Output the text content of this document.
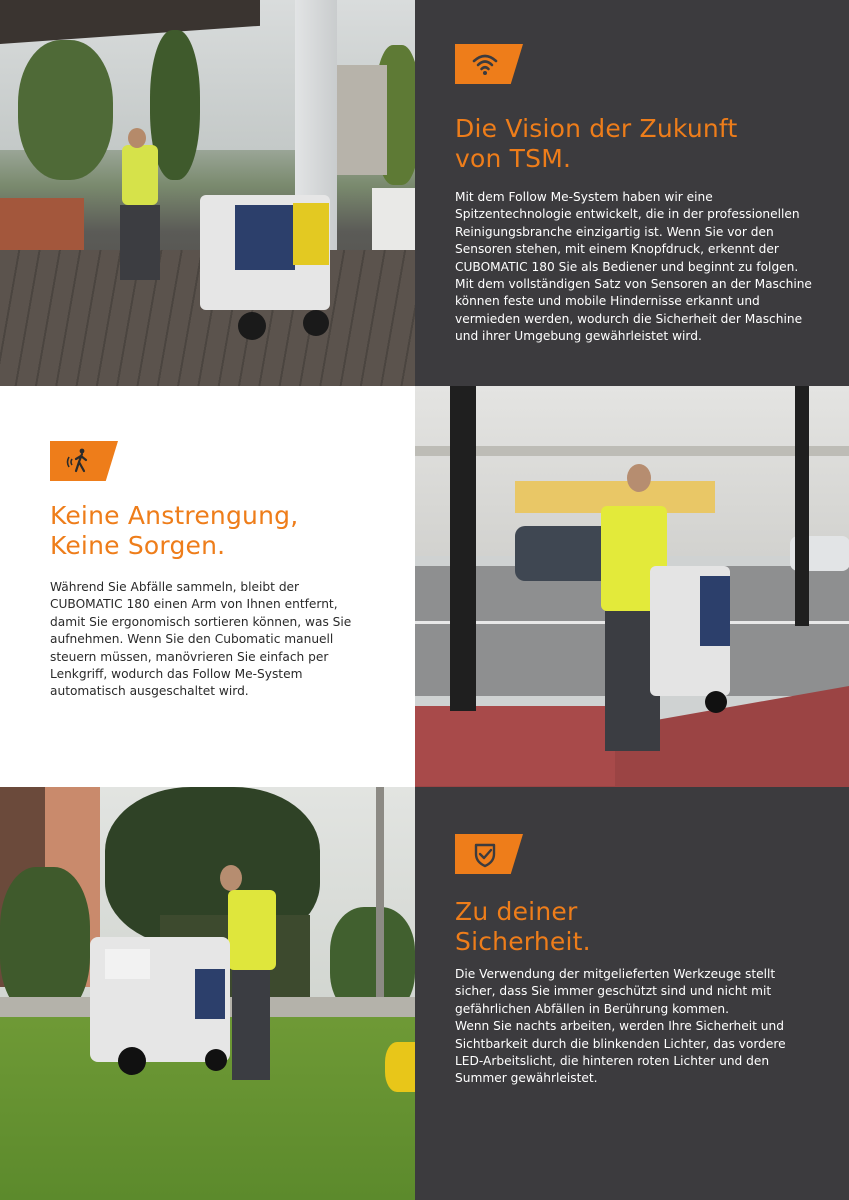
Die Vision der Zukunft
von TSM.
Mit dem Follow Me-System haben wir eine Spitzentechnologie entwickelt, die in der professionellen Reinigungsbranche einzigartig ist. Wenn Sie vor den Sensoren stehen, mit einem Knopfdruck, erkennt der CUBOMATIC 180 Sie als Bediener und beginnt zu folgen. Mit dem vollständigen Satz von Sensoren an der Maschine können feste und mobile Hindernisse erkannt und vermieden werden, wodurch die Sicherheit der Maschine und ihrer Umgebung gewährleistet wird.
Keine Anstrengung,
Keine Sorgen.
Während Sie Abfälle sammeln, bleibt der CUBOMATIC 180 einen Arm von Ihnen entfernt, damit Sie ergonomisch sortieren können, was Sie aufnehmen. Wenn Sie den Cubomatic manuell steuern müssen, manövrieren Sie einfach per Lenkgriff, wodurch das Follow Me-System automatisch ausgeschaltet wird.
Zu deiner
Sicherheit.
Die Verwendung der mitgelieferten Werkzeuge stellt sicher, dass Sie immer geschützt sind und nicht mit gefährlichen Abfällen in Berührung kommen.
Wenn Sie nachts arbeiten, werden Ihre Sicherheit und Sichtbarkeit durch die blinkenden Lichter, das vordere LED-Arbeitslicht, die hinteren roten Lichter und den Summer gewährleistet.
